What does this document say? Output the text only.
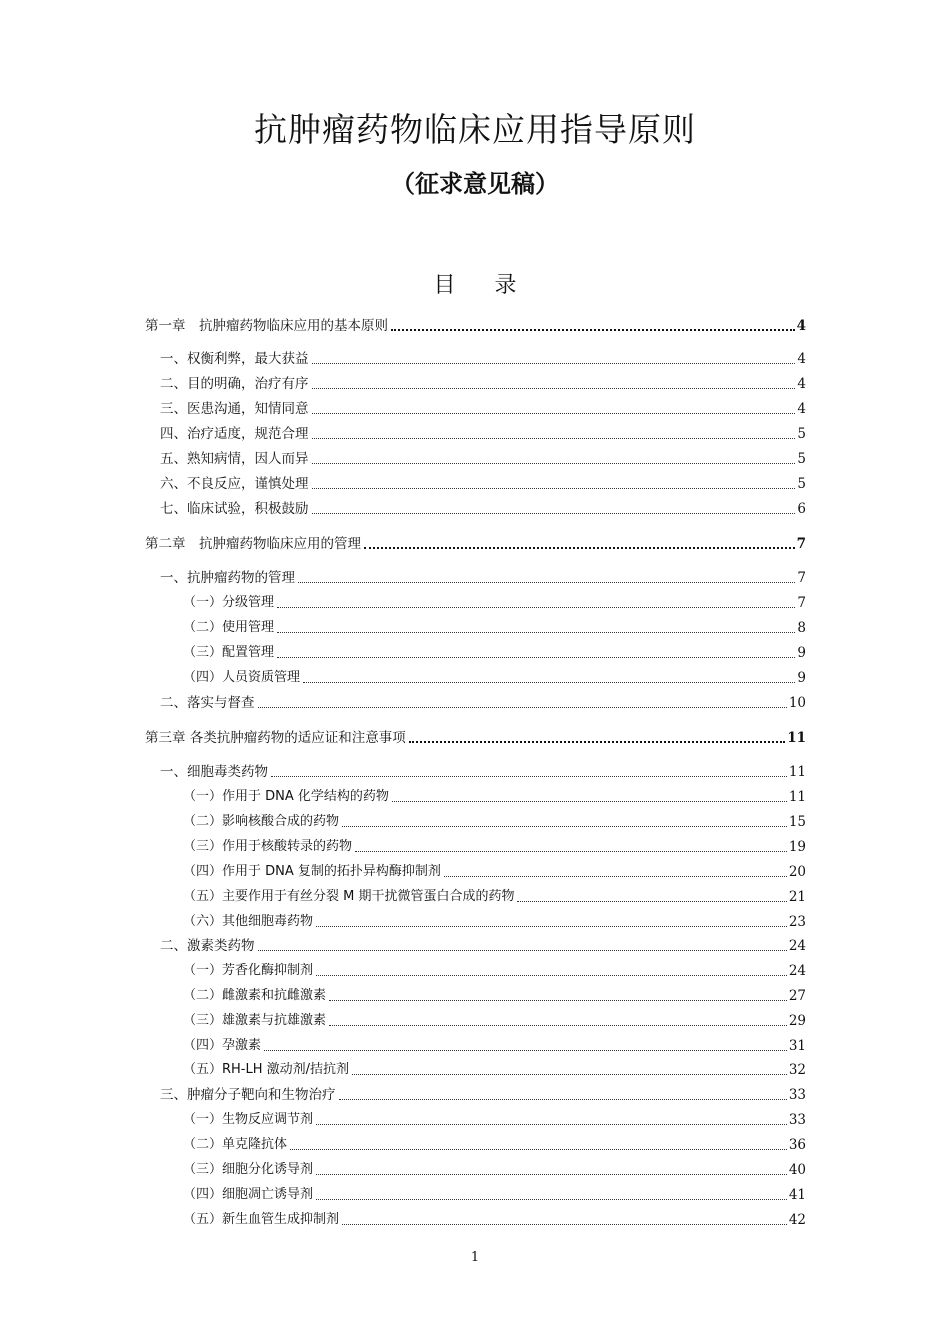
抗肿瘤药物临床应用指导原则
（征求意见稿）
目 录
第一章　抗肿瘤药物临床应用的基本原则	4
一、权衡利弊，最大获益	4
二、目的明确，治疗有序	4
三、医患沟通，知情同意	4
四、治疗适度，规范合理	5
五、熟知病情，因人而异	5
六、不良反应，谨慎处理	5
七、临床试验，积极鼓励	6
第二章　抗肿瘤药物临床应用的管理	7
一、抗肿瘤药物的管理	7
（一）分级管理	7
（二）使用管理	8
（三）配置管理	9
（四）人员资质管理	9
二、落实与督查	10
第三章 各类抗肿瘤药物的适应证和注意事项	11
一、细胞毒类药物	11
（一）作用于 DNA 化学结构的药物	11
（二）影响核酸合成的药物	15
（三）作用于核酸转录的药物	19
（四）作用于 DNA 复制的拓扑异构酶抑制剂	20
（五）主要作用于有丝分裂 M 期干扰微管蛋白合成的药物	21
（六）其他细胞毒药物	23
二、激素类药物	24
（一）芳香化酶抑制剂	24
（二）雌激素和抗雌激素	27
（三）雄激素与抗雄激素	29
（四）孕激素	31
（五）RH-LH 激动剂/拮抗剂	32
三、肿瘤分子靶向和生物治疗	33
（一）生物反应调节剂	33
（二）单克隆抗体	36
（三）细胞分化诱导剂	40
（四）细胞凋亡诱导剂	41
（五）新生血管生成抑制剂	42
1
